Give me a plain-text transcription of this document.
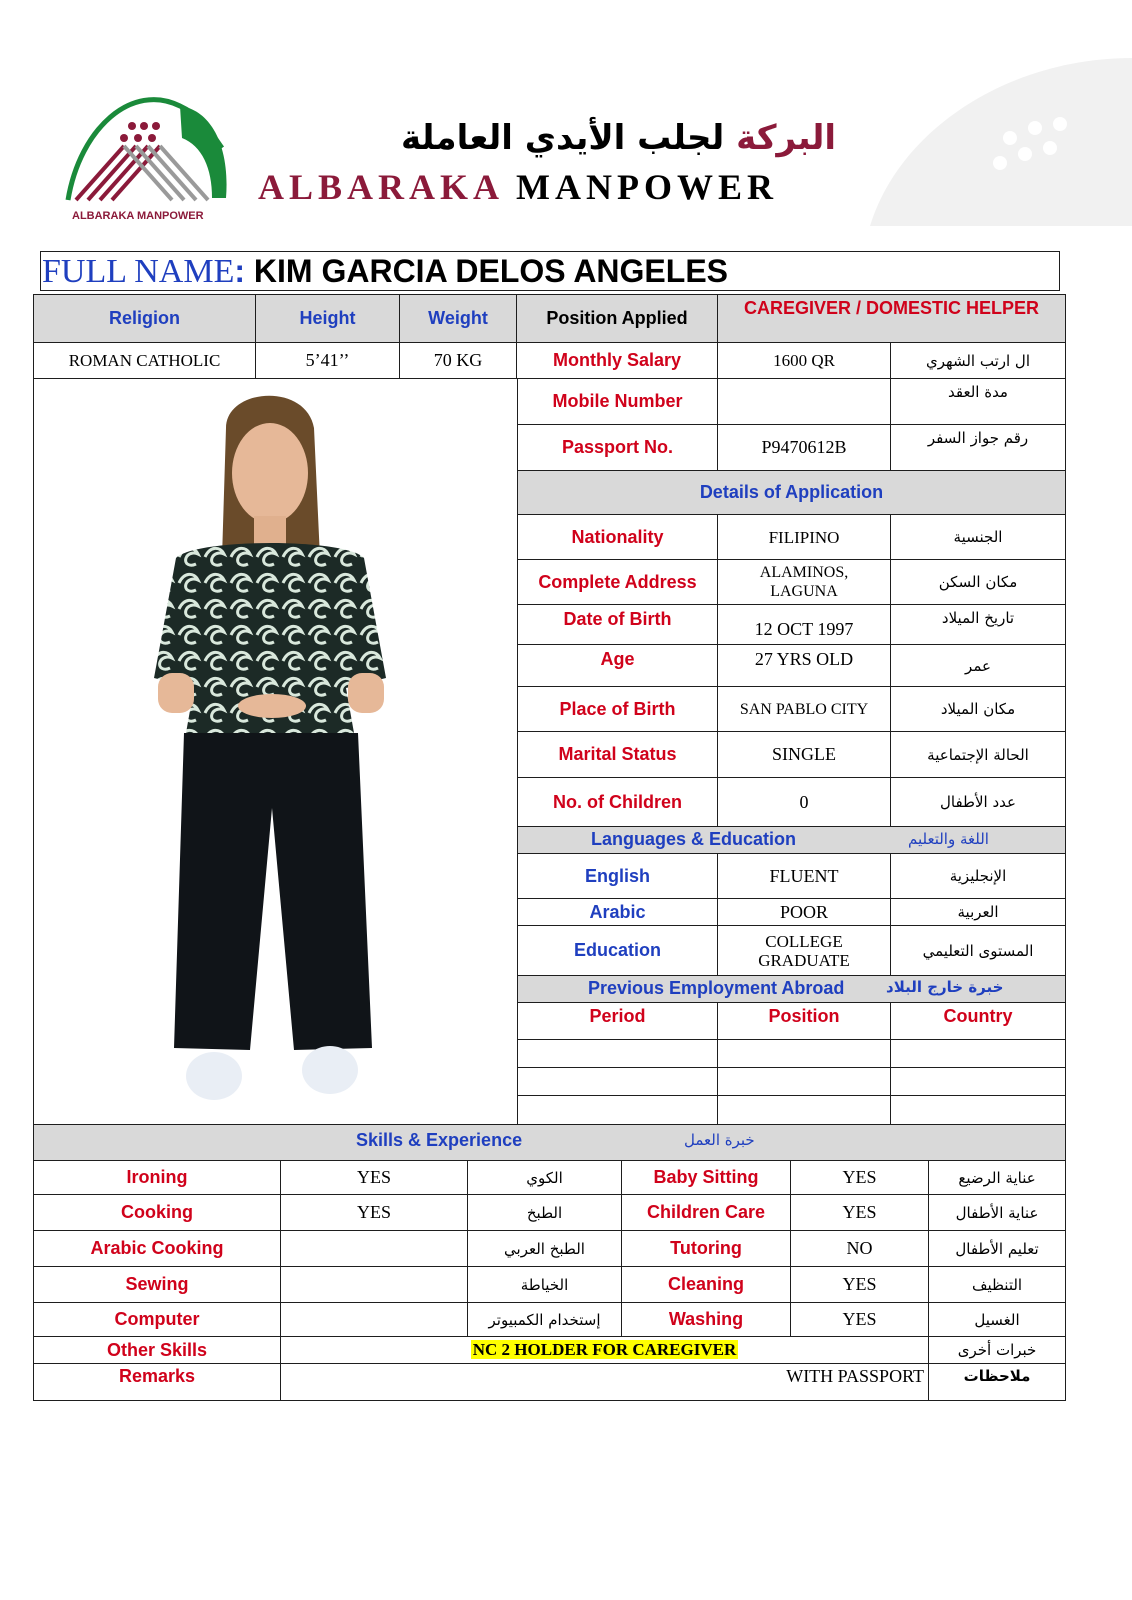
ALBARAKA MANPOWER
البركة لجلب الأيدي العاملة
ALBARAKA MANPOWER
FULL NAME: KIM GARCIA DELOS ANGELES
Religion	Height	Weight	Position Applied	CAREGIVER / DOMESTIC HELPER	
ROMAN CATHOLIC	5’41’’	70 KG	Monthly Salary	1600 QR	ال ارتب الشهري
Mobile Number		مدة العقد
Passport No.	P9470612B	رقم جواز السفر
Details of Application		
Nationality	FILIPINO	الجنسية
Complete Address	ALAMINOS, LAGUNA	مكان السكن
Date of Birth	12 OCT 1997	تاريخ الميلاد
Age	27 YRS OLD	عمر
Place of Birth	SAN PABLO CITY	مكان الميلاد
Marital Status	SINGLE	الحالة الإجتماعية
No. of Children	0	عدد الأطفال

Languages & Education اللغة والتعليم		

English	FLUENT	الإنجليزية
Arabic	POOR	العربية
Education	COLLEGE GRADUATE	المستوى التعليمي

Previous Employment Abroad خبرة خارج البلاد		

Period	Position	Country

Skills & Experience خبرة العمل					

Ironing	YES	الكوي	Baby Sitting	YES	عناية الرضيع
Cooking	YES	الطبخ	Children Care	YES	عناية الأطفال
Arabic Cooking		الطبخ العربي	Tutoring	NO	تعليم الأطفال
Sewing		الخياطة	Cleaning	YES	التنظيف
Computer		إستخدام الكمبيوتر	Washing	YES	الغسيل
Other Skills	NC 2 HOLDER FOR CAREGIVER				خبرات أخرى
Remarks	WITH PASSPORT				ملاحظات
